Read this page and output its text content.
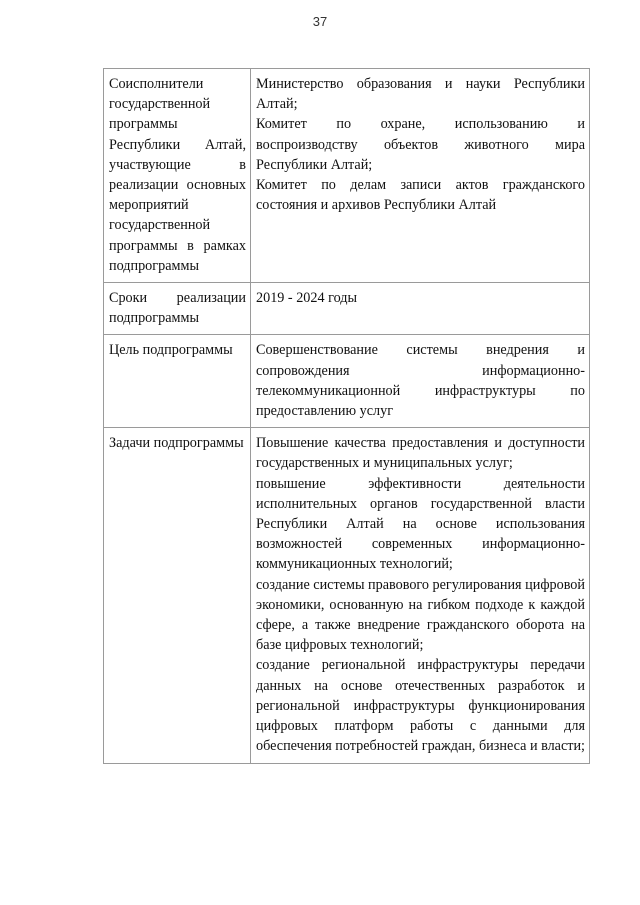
37
Соисполнители государственной программы Республики Алтай, участвующие в реализации основных мероприятий государственной программы в рамках подпрограммы	Министерство образования и науки Республики Алтай;
Комитет по охране, использованию и воспроизводству объектов животного мира Республики Алтай;
Комитет по делам записи актов гражданского состояния и архивов Республики Алтай

Сроки реализации подпрограммы	2019 - 2024 годы

Цель подпрограммы	Совершенствование системы внедрения и сопровождения информационно-телекоммуникационной инфраструктуры по предоставлению услуг

Задачи подпрограммы	Повышение качества предоставления и доступности государственных и муниципальных услуг;
повышение эффективности деятельности исполнительных органов государственной власти Республики Алтай на основе использования возможностей современных информационно-коммуникационных технологий;
создание системы правового регулирования цифровой экономики, основанную на гибком подходе к каждой сфере, а также внедрение гражданского оборота на базе цифровых технологий;
создание региональной инфраструктуры передачи данных на основе отечественных разработок и региональной инфраструктуры функционирования цифровых платформ работы с данными для обеспечения потребностей граждан, бизнеса и власти;
